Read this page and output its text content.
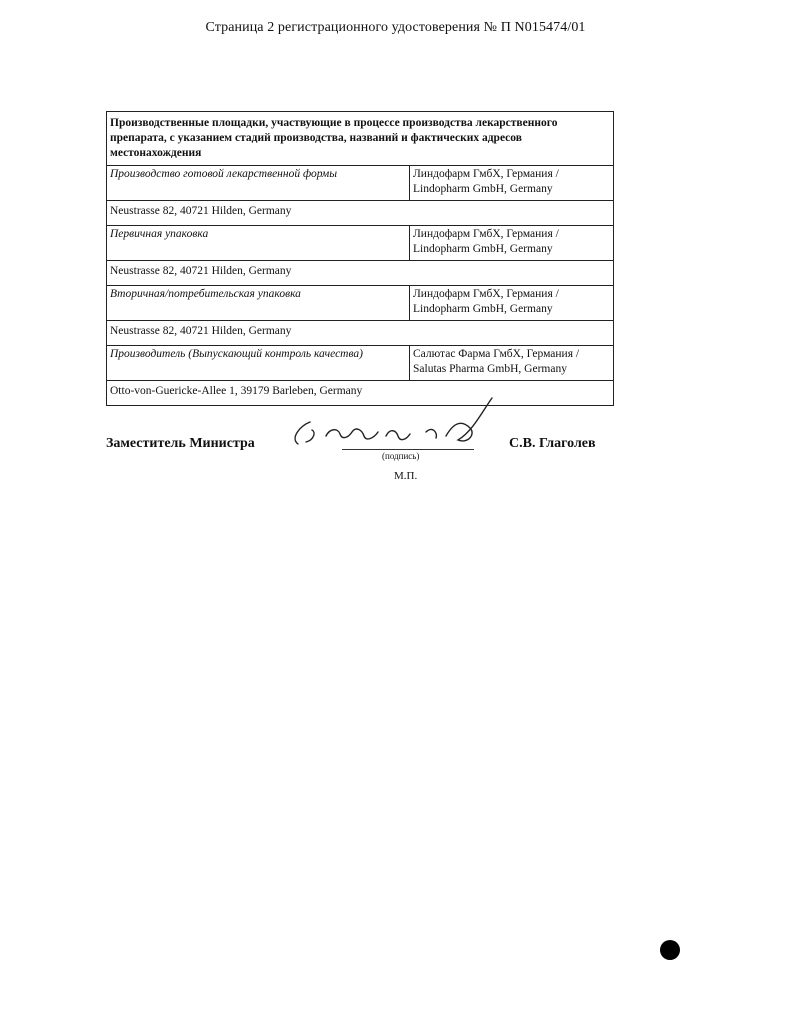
Страница 2 регистрационного удостоверения № П N015474/01
Производственные площадки, участвующие в процессе производства лекарственного препарата, с указанием стадий производства, названий и фактических адресов местонахождения	
Производство готовой лекарственной формы	Линдофарм ГмбХ, Германия /
Lindopharm GmbH, Germany

Neustrasse 82, 40721 Hilden, Germany	
Первичная упаковка	Линдофарм ГмбХ, Германия /
Lindopharm GmbH, Germany

Neustrasse 82, 40721 Hilden, Germany	
Вторичная/потребительская упаковка	Линдофарм ГмбХ, Германия /
Lindopharm GmbH, Germany

Neustrasse 82, 40721 Hilden, Germany	
Производитель (Выпускающий контроль качества)	Салютас Фарма ГмбХ, Германия /
Salutas Pharma GmbH, Germany

Otto-von-Guericke-Allee 1, 39179 Barleben, Germany	
Заместитель Министра
(подпись)
С.В. Глаголев
М.П.
